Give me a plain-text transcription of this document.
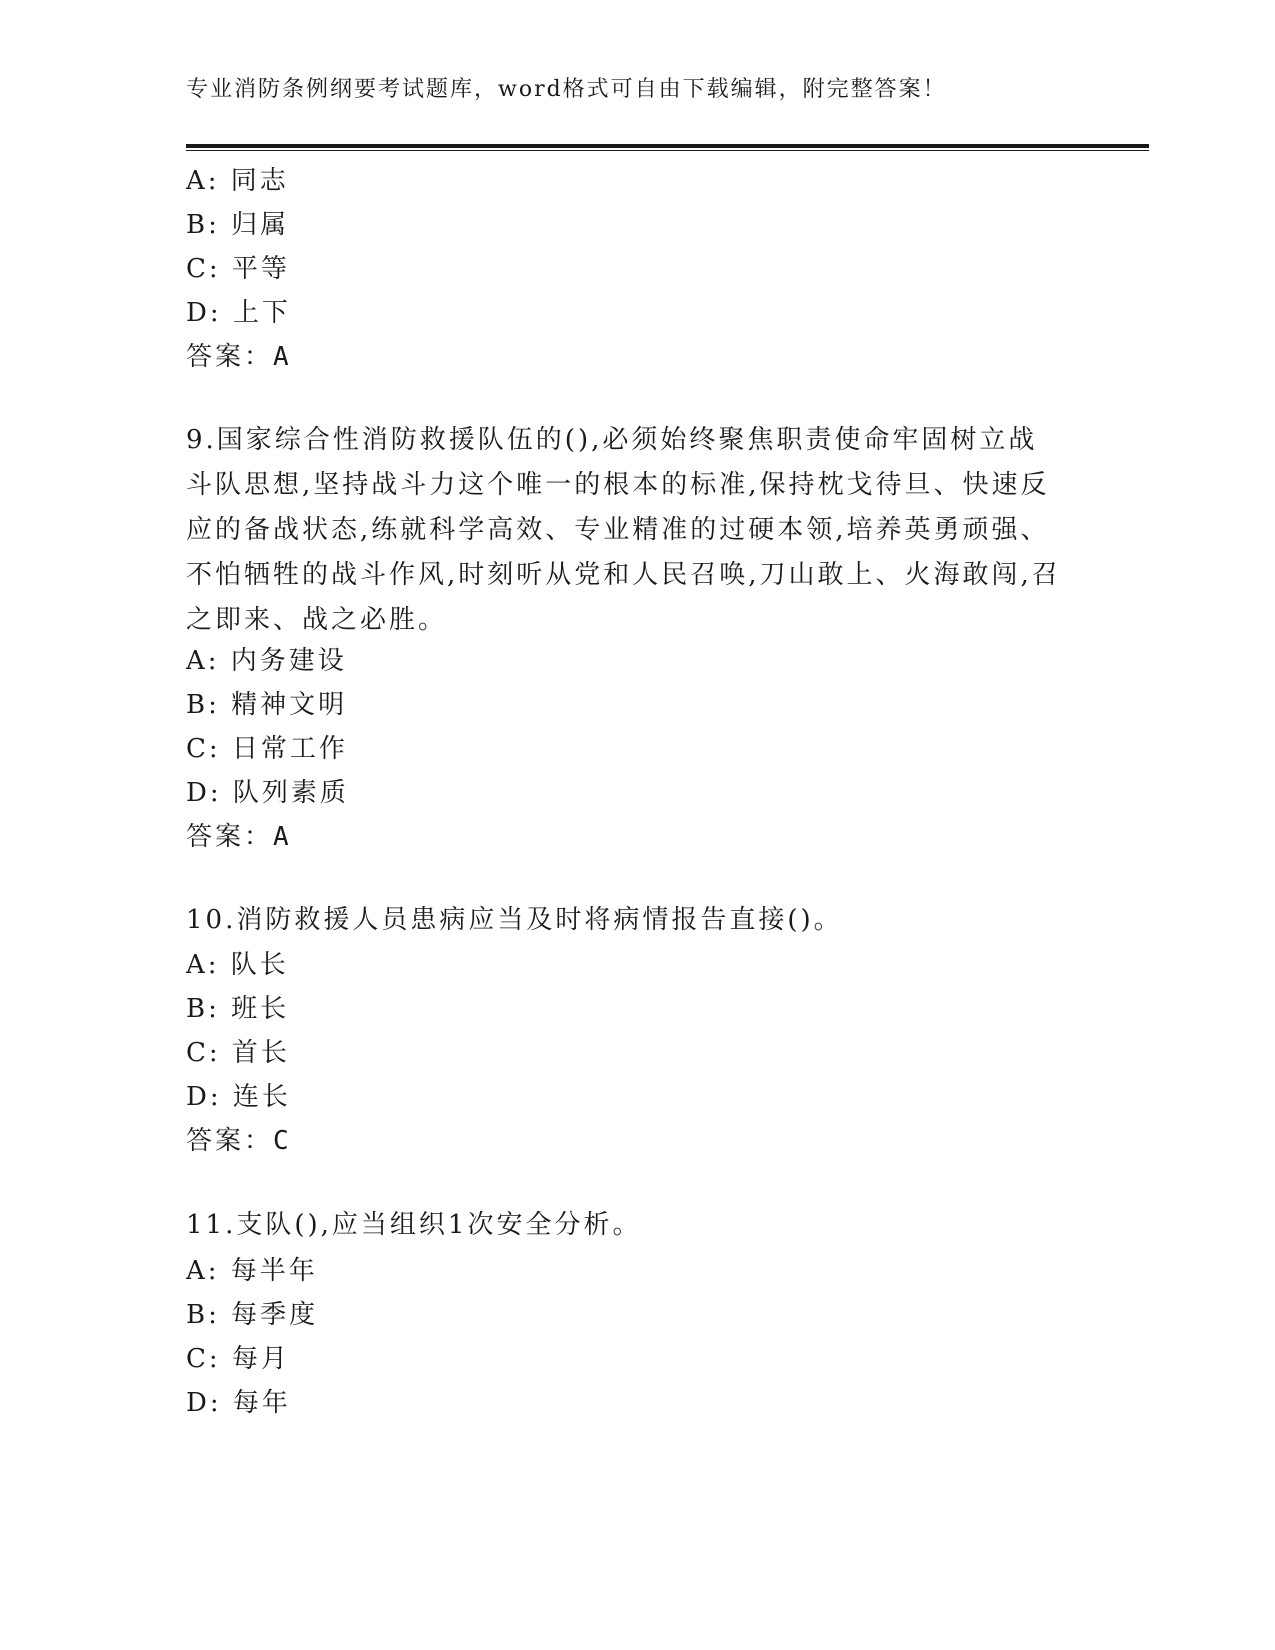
专业消防条例纲要考试题库，word格式可自由下载编辑，附完整答案！
A: 同志
B: 归属
C: 平等
D: 上下
答案：A
9.国家综合性消防救援队伍的(),必须始终聚焦职责使命牢固树立战
斗队思想,坚持战斗力这个唯一的根本的标准,保持枕戈待旦、快速反
应的备战状态,练就科学高效、专业精准的过硬本领,培养英勇顽强、
不怕牺牲的战斗作风,时刻听从党和人民召唤,刀山敢上、火海敢闯,召
之即来、战之必胜。
A: 内务建设
B: 精神文明
C: 日常工作
D: 队列素质
答案：A
10.消防救援人员患病应当及时将病情报告直接()。
A: 队长
B: 班长
C: 首长
D: 连长
答案：C
11.支队(),应当组织1次安全分析。
A: 每半年
B: 每季度
C: 每月
D: 每年
